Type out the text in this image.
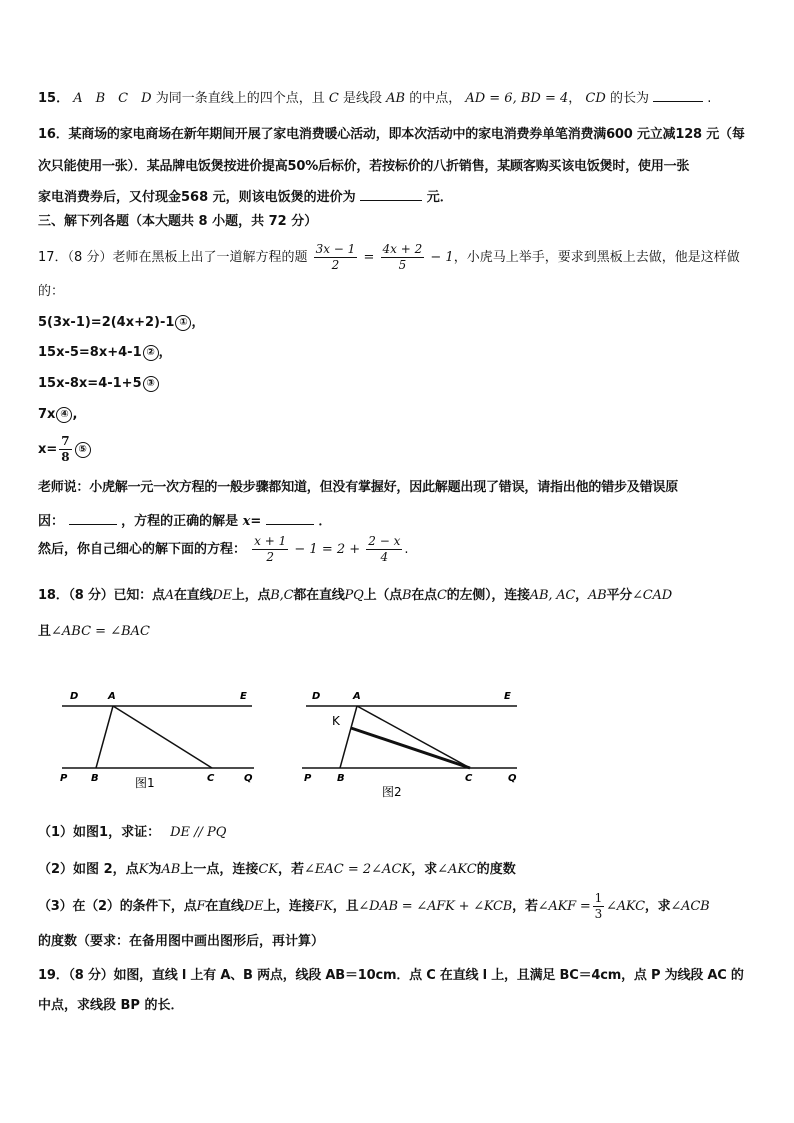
15． A　B　C　D 为同一条直线上的四个点，且 C 是线段 AB 的中点， AD = 6, BD = 4， CD 的长为	.
16．某商场的家电商场在新年期间开展了家电消费暖心活动，即本次活动中的家电消费券单笔消费满600 元立减128 元（每
次只能使用一张）．某品牌电饭煲按进价提高50%后标价，若按标价的八折销售，某顾客购买该电饭煲时，使用一张
家电消费券后，又付现金568 元，则该电饭煲的进价为	元．
三、解下列各题（本大题共 8 小题，共 72 分）
17．（8 分）老师在黑板上出了一道解方程的题 $\frac{3x - 1}{2} = \frac{4x + 2}{5} - 1$，小虎马上举手，要求到黑板上去做，他是这样做
的：
5(3x-1)=2(4x+2)-1 ① ，
15x-5=8x+4-1 ② ，
15x-8x=4-1+5 ③
7x ④ ,
$x= \frac{7}{8}$ ⑤
老师说：小虎解一元一次方程的一般步骤都知道，但没有掌握好，因此解题出现了错误，请指出他的错步及错误原
因：	，方程的正确的解是 x=	．
然后，你自己细心的解下面的方程： $\frac{x + 1}{2} - 1 = 2 + \frac{2 - x}{4}$ .
18．（8 分）已知：点A在直线DE上，点B,C都在直线PQ上（点B在点C的左侧），连接AB, AC，AB平分∠CAD
且∠ABC = ∠BAC
D	A	E
P B	C	Q
图1
D	A	E
K
P	B	C	Q
图2
（1）如图1，求证： DE // PQ
（2）如图 2，点K为AB上一点，连接CK，若∠EAC = 2∠ACK，求∠AKC的度数
（3）在（2）的条件下，点F在直线DE上，连接FK，且∠DAB = ∠AFK + ∠KCB，若∠AKF = $\frac{1}{3}$ ∠AKC，求∠ACB
的度数（要求：在备用图中画出图形后，再计算）
19．（8 分）如图，直线 l 上有 A、B 两点，线段 AB＝10cm．点 C 在直线 l 上，且满足 BC＝4cm，点 P 为线段 AC 的
中点，求线段 BP 的长．
